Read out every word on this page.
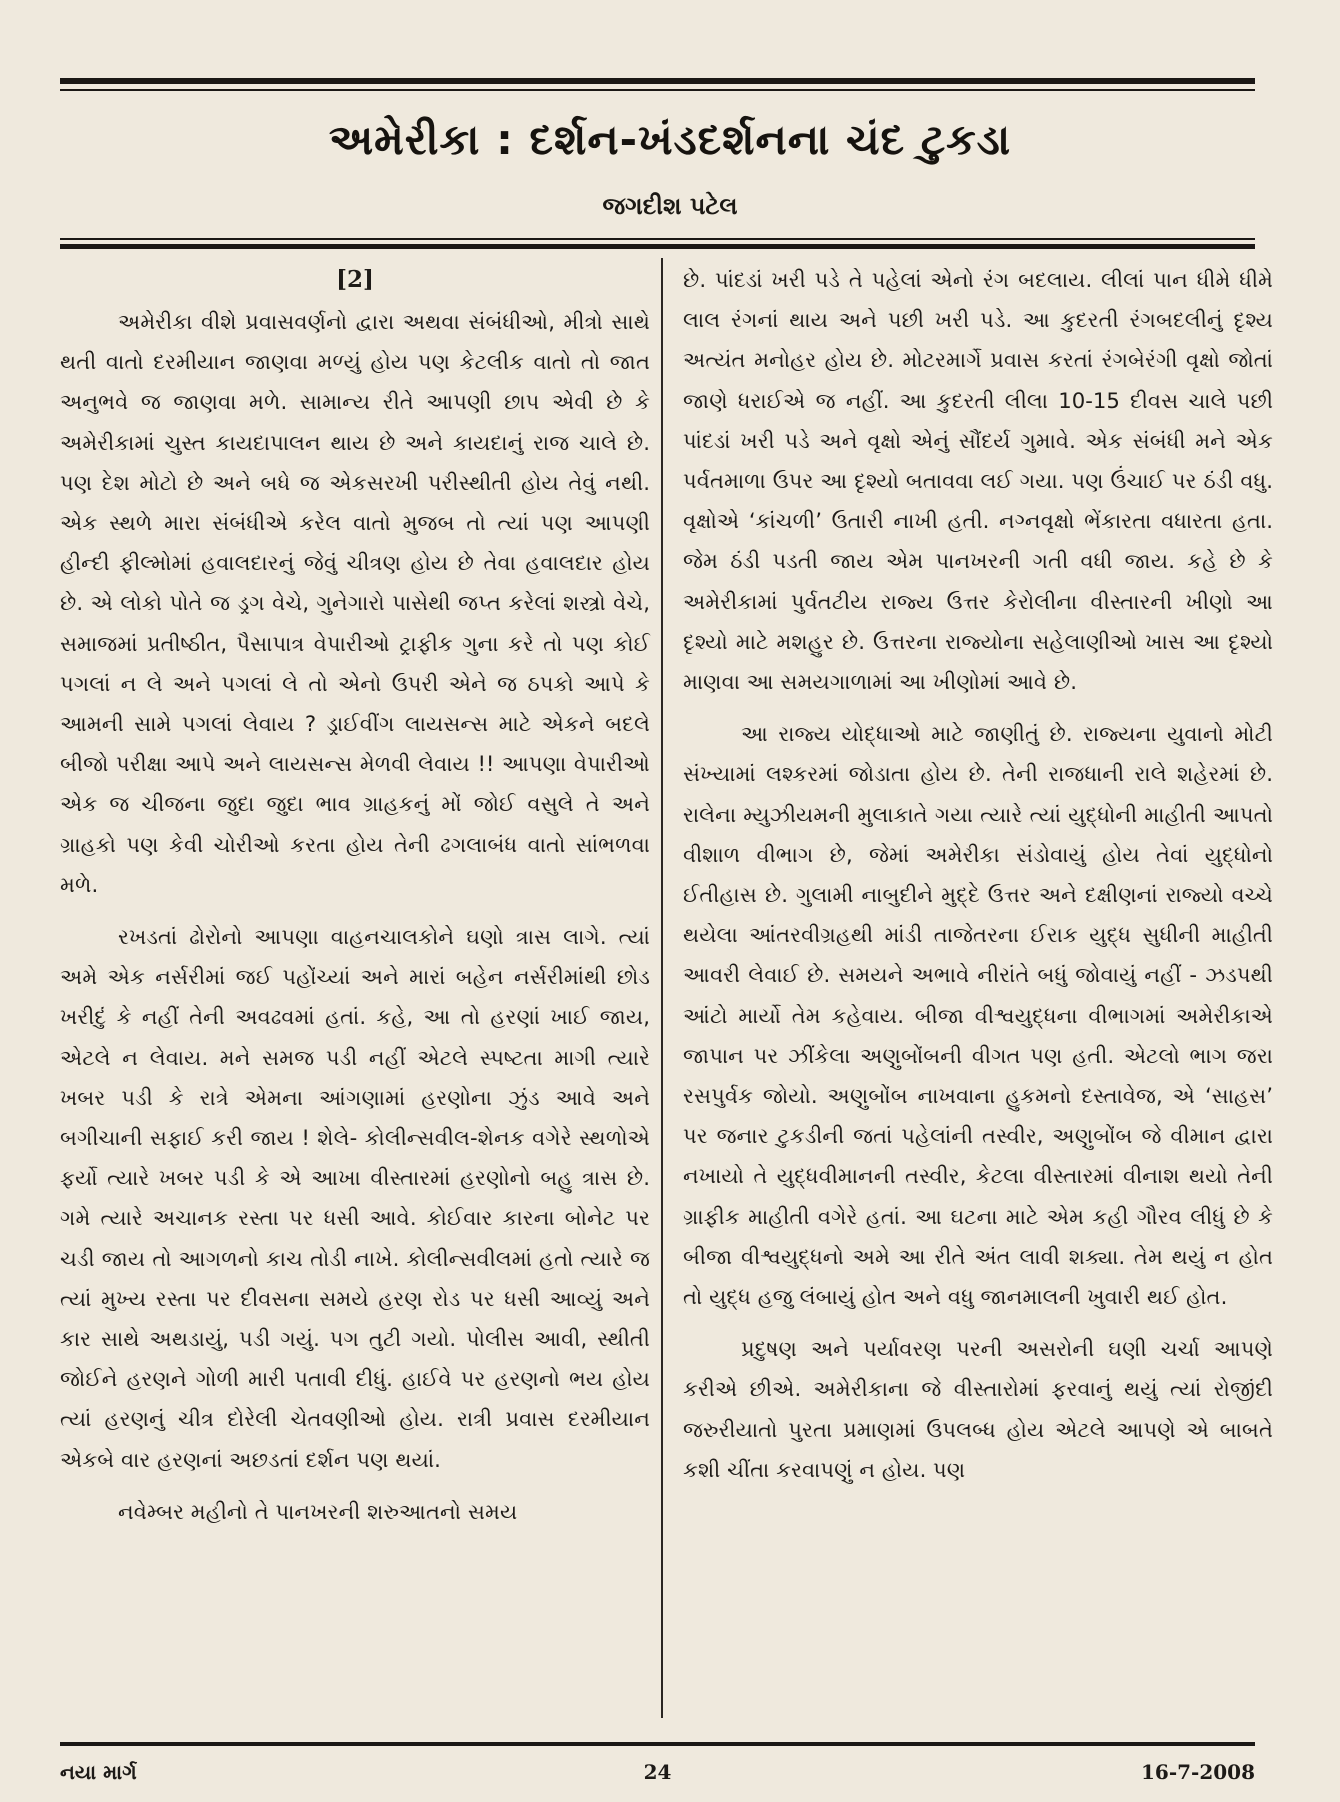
અમેરીકા : દર્શન-ખંડદર્શનના ચંદ ટુકડા
જગદીશ પટેલ
[2]

અમેરીકા વીશે પ્રવાસવર્ણનો દ્વારા અથવા સંબંધીઓ, મીત્રો સાથે થતી વાતો દરમીયાન જાણવા મળ્યું હોય પણ કેટલીક વાતો તો જાત અનુભવે જ જાણવા મળે. સામાન્ય રીતે આપણી છાપ એવી છે કે અમેરીકામાં ચુસ્ત કાયદાપાલન થાય છે અને કાયદાનું રાજ ચાલે છે. પણ દેશ મોટો છે અને બધે જ એકસરખી પરીસ્થીતી હોય તેવું નથી. એક સ્થળે મારા સંબંધીએ કરેલ વાતો મુજબ તો ત્યાં પણ આપણી હીન્દી ફીલ્મોમાં હવાલદારનું જેવું ચીત્રણ હોય છે તેવા હવાલદાર હોય છે. એ લોકો પોતે જ ડ્રગ વેચે, ગુનેગારો પાસેથી જપ્ત કરેલાં શસ્ત્રો વેચે, સમાજમાં પ્રતીષ્ઠીત, પૈસાપાત્ર વેપારીઓ ટ્રાફીક ગુના કરે તો પણ કોઈ પગલાં ન લે અને પગલાં લે તો એનો ઉપરી એને જ ઠપકો આપે કે આમની સામે પગલાં લેવાય ? ડ્રાઈવીંગ લાયસન્સ માટે એકને બદલે બીજો પરીક્ષા આપે અને લાયસન્સ મેળવી લેવાય !! આપણા વેપારીઓ એક જ ચીજના જુદા જુદા ભાવ ગ્રાહકનું મોં જોઈ વસુલે તે અને ગ્રાહકો પણ કેવી ચોરીઓ કરતા હોય તેની ઢગલાબંધ વાતો સાંભળવા મળે.

રખડતાં ઢોરોનો આપણા વાહનચાલકોને ઘણો ત્રાસ લાગે. ત્યાં અમે એક નર્સરીમાં જઈ પહોંચ્યાં અને મારાં બહેન નર્સરીમાંથી છોડ ખરીદું કે નહીં તેની અવઢવમાં હતાં. કહે, આ તો હરણાં ખાઈ જાય, એટલે ન લેવાય. મને સમજ પડી નહીં એટલે સ્પષ્ટતા માગી ત્યારે ખબર પડી કે રાત્રે એમના આંગણામાં હરણોના ઝુંડ આવે અને બગીચાની સફાઈ કરી જાય ! શેલે- કોલીન્સવીલ-શેનક વગેરે સ્થળોએ ફર્યો ત્યારે ખબર પડી કે એ આખા વીસ્તારમાં હરણોનો બહુ ત્રાસ છે. ગમે ત્યારે અચાનક રસ્તા પર ધસી આવે. કોઈવાર કારના બોનેટ પર ચડી જાય તો આગળનો કાચ તોડી નાખે. કોલીન્સવીલમાં હતો ત્યારે જ ત્યાં મુખ્ય રસ્તા પર દીવસના સમયે હરણ રોડ પર ધસી આવ્યું અને કાર સાથે અથડાયું, પડી ગયું. પગ તુટી ગયો. પોલીસ આવી, સ્થીતી જોઈને હરણને ગોળી મારી પતાવી દીધું. હાઈવે પર હરણનો ભય હોય ત્યાં હરણનું ચીત્ર દોરેલી ચેતવણીઓ હોય. રાત્રી પ્રવાસ દરમીયાન એકબે વાર હરણનાં અછડતાં દર્શન પણ થયાં.

નવેમ્બર મહીનો તે પાનખરની શરુઆતનો સમય

છે. પાંદડાં ખરી પડે તે પહેલાં એનો રંગ બદલાય. લીલાં પાન ધીમે ધીમે લાલ રંગનાં થાય અને પછી ખરી પડે. આ કુદરતી રંગબદલીનું દૃશ્ય અત્યંત મનોહર હોય છે. મોટરમાર્ગે પ્રવાસ કરતાં રંગબેરંગી વૃક્ષો જોતાં જાણે ધરાઈએ જ નહીં. આ કુદરતી લીલા 10-15 દીવસ ચાલે પછી પાંદડાં ખરી પડે અને વૃક્ષો એનું સૌંદર્ય ગુમાવે. એક સંબંધી મને એક પર્વતમાળા ઉપર આ દૃશ્યો બતાવવા લઈ ગયા. પણ ઉંચાઈ પર ઠંડી વધુ. વૃક્ષોએ ‘કાંચળી’ ઉતારી નાખી હતી. નગ્નવૃક્ષો ભેંકારતા વધારતા હતા. જેમ ઠંડી પડતી જાય એમ પાનખરની ગતી વધી જાય. કહે છે કે અમેરીકામાં પુર્વતટીય રાજ્ય ઉત્તર કેરોલીના વીસ્તારની ખીણો આ દૃશ્યો માટે મશહુર છે. ઉત્તરના રાજ્યોના સહેલાણીઓ ખાસ આ દૃશ્યો માણવા આ સમયગાળામાં આ ખીણોમાં આવે છે.

આ રાજ્ય યોદ્ધાઓ માટે જાણીતું છે. રાજ્યના યુવાનો મોટી સંખ્યામાં લશ્કરમાં જોડાતા હોય છે. તેની રાજધાની રાલે શહેરમાં છે. રાલેના મ્યુઝીયમની મુલાકાતે ગયા ત્યારે ત્યાં યુદ્ધોની માહીતી આપતો વીશાળ વીભાગ છે, જેમાં અમેરીકા સંડોવાયું હોય તેવાં યુદ્ધોનો ઈતીહાસ છે. ગુલામી નાબુદીને મુદ્દે ઉત્તર અને દક્ષીણનાં રાજ્યો વચ્ચે થયેલા આંતરવીગ્રહથી માંડી તાજેતરના ઈરાક યુદ્ધ સુધીની માહીતી આવરી લેવાઈ છે. સમયને અભાવે નીરાંતે બધું જોવાયું નહીં - ઝડપથી આંટો માર્યો તેમ કહેવાય. બીજા વીશ્વયુદ્ધના વીભાગમાં અમેરીકાએ જાપાન પર ઝીંકેલા અણુબોંબની વીગત પણ હતી. એટલો ભાગ જરા રસપુર્વક જોયો. અણુબોંબ નાખવાના હુકમનો દસ્તાવેજ, એ ‘સાહસ’ પર જનાર ટુકડીની જતાં પહેલાંની તસ્વીર, અણુબોંબ જે વીમાન દ્વારા નખાયો તે યુદ્ધવીમાનની તસ્વીર, કેટલા વીસ્તારમાં વીનાશ થયો તેની ગ્રાફીક માહીતી વગેરે હતાં. આ ઘટના માટે એમ કહી ગૌરવ લીધું છે કે બીજા વીશ્વયુદ્ધનો અમે આ રીતે અંત લાવી શક્યા. તેમ થયું ન હોત તો યુદ્ધ હજુ લંબાયું હોત અને વધુ જાનમાલની ખુવારી થઈ હોત.

પ્રદુષણ અને પર્યાવરણ પરની અસરોની ઘણી ચર્ચા આપણે કરીએ છીએ. અમેરીકાના જે વીસ્તારોમાં ફરવાનું થયું ત્યાં રોજીંદી જરુરીયાતો પુરતા પ્રમાણમાં ઉપલબ્ધ હોય એટલે આપણે એ બાબતે કશી ચીંતા કરવાપણું ન હોય. પણ

નયા માર્ગ	24	16-7-2008
